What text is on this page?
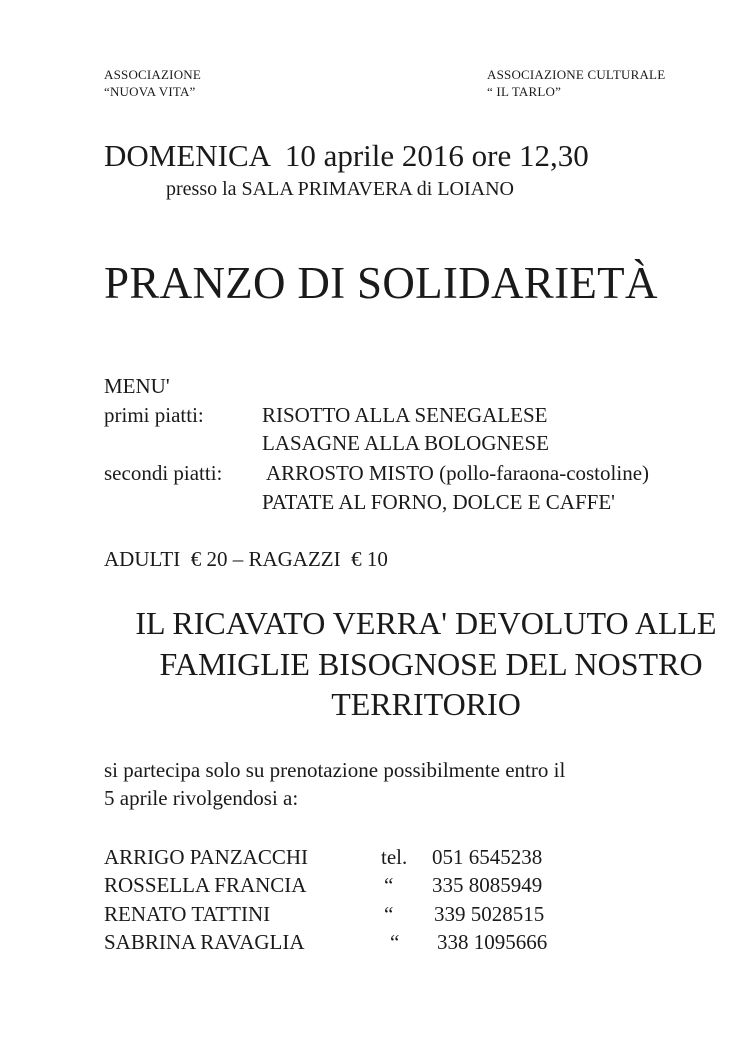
ASSOCIAZIONE
“NUOVA VITA”
ASSOCIAZIONE CULTURALE
“ IL TARLO”
DOMENICA  10 aprile 2016 ore 12,30
presso la SALA PRIMAVERA di LOIANO
PRANZO DI SOLIDARIETÀ
MENU'
primi piatti:	RISOTTO ALLA SENEGALESE
LASAGNE ALLA BOLOGNESE
secondi piatti: ARROSTO MISTO (pollo-faraona-costoline)
PATATE AL FORNO, DOLCE E CAFFE'
ADULTI  € 20 – RAGAZZI  € 10
IL RICAVATO VERRA' DEVOLUTO ALLE
FAMIGLIE BISOGNOSE DEL NOSTRO
TERRITORIO
si partecipa solo su prenotazione possibilmente entro il
5 aprile rivolgendosi a:
ARRIGO PANZACCHI	tel. 051 6545238
ROSSELLA FRANCIA	“ 335 8085949
RENATO TATTINI	“ 339 5028515
SABRINA RAVAGLIA	“ 338 1095666
